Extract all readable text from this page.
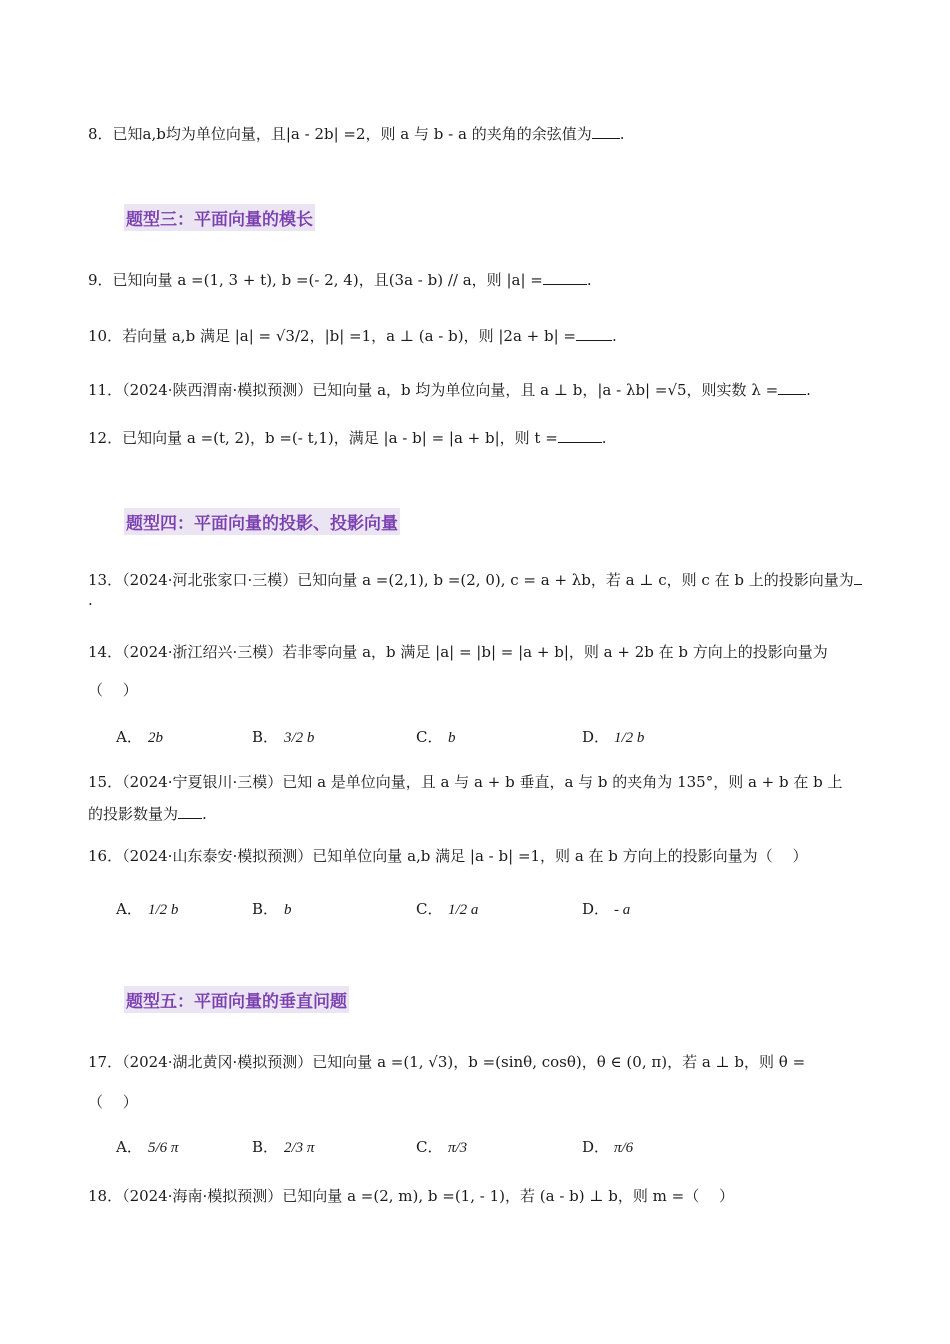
8．已知a,b均为单位向量，且|a - 2b| =2，则 a 与 b - a 的夹角的余弦值为 .
题型三：平面向量的模长
9．已知向量 a =(1, 3 + t), b =(- 2, 4)，且(3a - b) // a，则 |a| =	.
10．若向量 a,b 满足 |a| = √3/2，|b| =1，a ⊥ (a - b)，则 |2a + b| = .
11．（2024·陕西渭南·模拟预测）已知向量 a，b 均为单位向量，且 a ⊥ b，|a - λb| =√5，则实数 λ = .
12．已知向量 a =(t, 2)，b =(- t,1)，满足 |a - b| = |a + b|，则 t =	.
题型四：平面向量的投影、投影向量
13．（2024·河北张家口·三模）已知向量 a =(2,1), b =(2, 0), c = a + λb，若 a ⊥ c，则 c 在 b 上的投影向量为
.
14．（2024·浙江绍兴·三模）若非零向量 a，b 满足 |a| = |b| = |a + b|，则 a + 2b 在 b 方向上的投影向量为
（　 ）
A． 2b	B． 3/2 b	C． b	D． 1/2 b
15．（2024·宁夏银川·三模）已知 a 是单位向量，且 a 与 a + b 垂直，a 与 b 的夹角为 135°，则 a + b 在 b 上
的投影数量为 .
16．（2024·山东泰安·模拟预测）已知单位向量 a,b 满足 |a - b| =1，则 a 在 b 方向上的投影向量为（　 ）
A． 1/2 b	B． b	C． 1/2 a	D． - a
题型五：平面向量的垂直问题
17．（2024·湖北黄冈·模拟预测）已知向量 a =(1, √3)，b =(sinθ, cosθ)，θ ∈ (0, π)，若 a ⊥ b，则 θ =
（　 ）
A． 5/6 π	B． 2/3 π	C． π/3	D． π/6
18．（2024·海南·模拟预测）已知向量 a =(2, m), b =(1, - 1)，若 (a - b) ⊥ b，则 m =（　 ）
